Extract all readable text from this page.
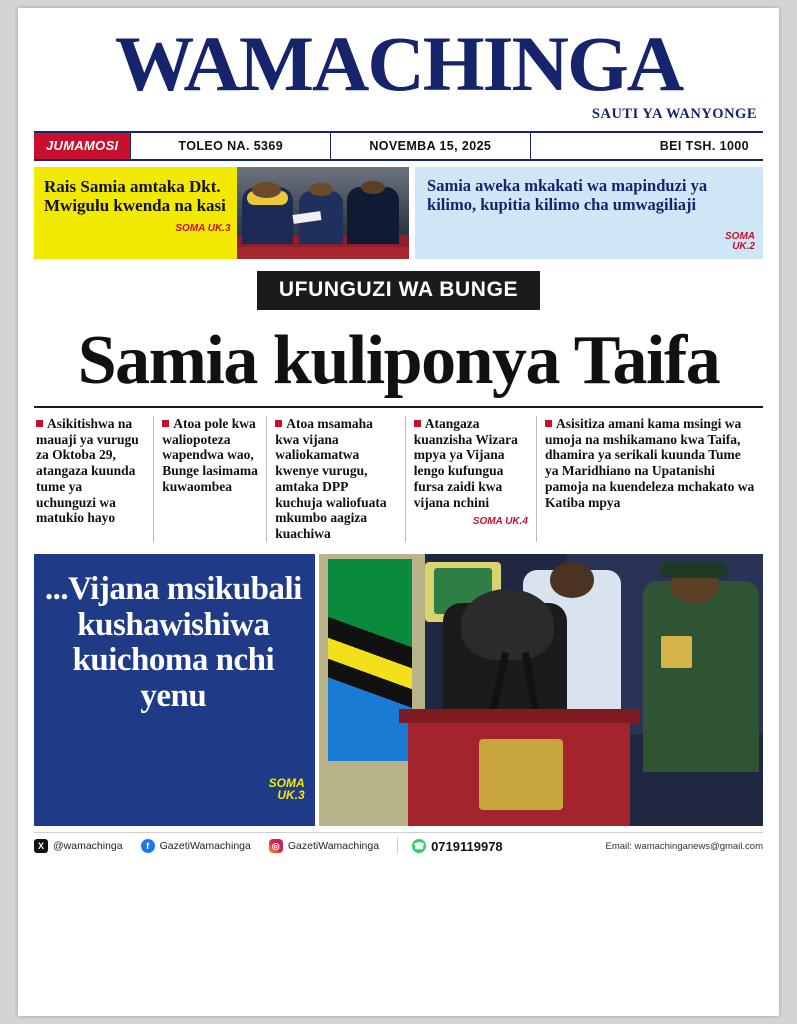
WAMACHINGA
SAUTI YA WANYONGE
JUMAMOSI	TOLEO NA. 5369	NOVEMBA 15, 2025	BEI TSH. 1000
Rais Samia amtaka Dkt. Mwigulu kwenda na kasi
SOMA UK.3
Samia aweka mkakati wa mapinduzi ya kilimo, kupitia kilimo cha umwagiliaji
SOMA
UK.2
UFUNGUZI WA BUNGE
Samia kuliponya Taifa
Asikitishwa na mauaji ya vurugu za Oktoba 29, atangaza kuunda tume ya uchunguzi wa matukio hayo
Atoa pole kwa waliopoteza wapendwa wao, Bunge lasimama kuwaombea
Atoa msamaha kwa vijana waliokamatwa kwenye vurugu, amtaka DPP kuchuja waliofuata mkumbo aagiza kuachiwa
Atangaza kuanzisha Wizara mpya ya Vijana lengo kufungua fursa zaidi kwa vijana nchini
SOMA UK.4
Asisitiza amani kama msingi wa umoja na mshikamano kwa Taifa, dhamira ya serikali kuunda Tume ya Maridhiano na Upatanishi pamoja na kuendeleza mchakato wa Katiba mpya
...Vijana msikubali kushawishiwa kuichoma nchi yenu
SOMA
UK.3
X @wamachinga	f	GazetiWamachinga	◎ GazetiWamachinga	☎ 0719119978	Email: wamachinganews@gmail.com
